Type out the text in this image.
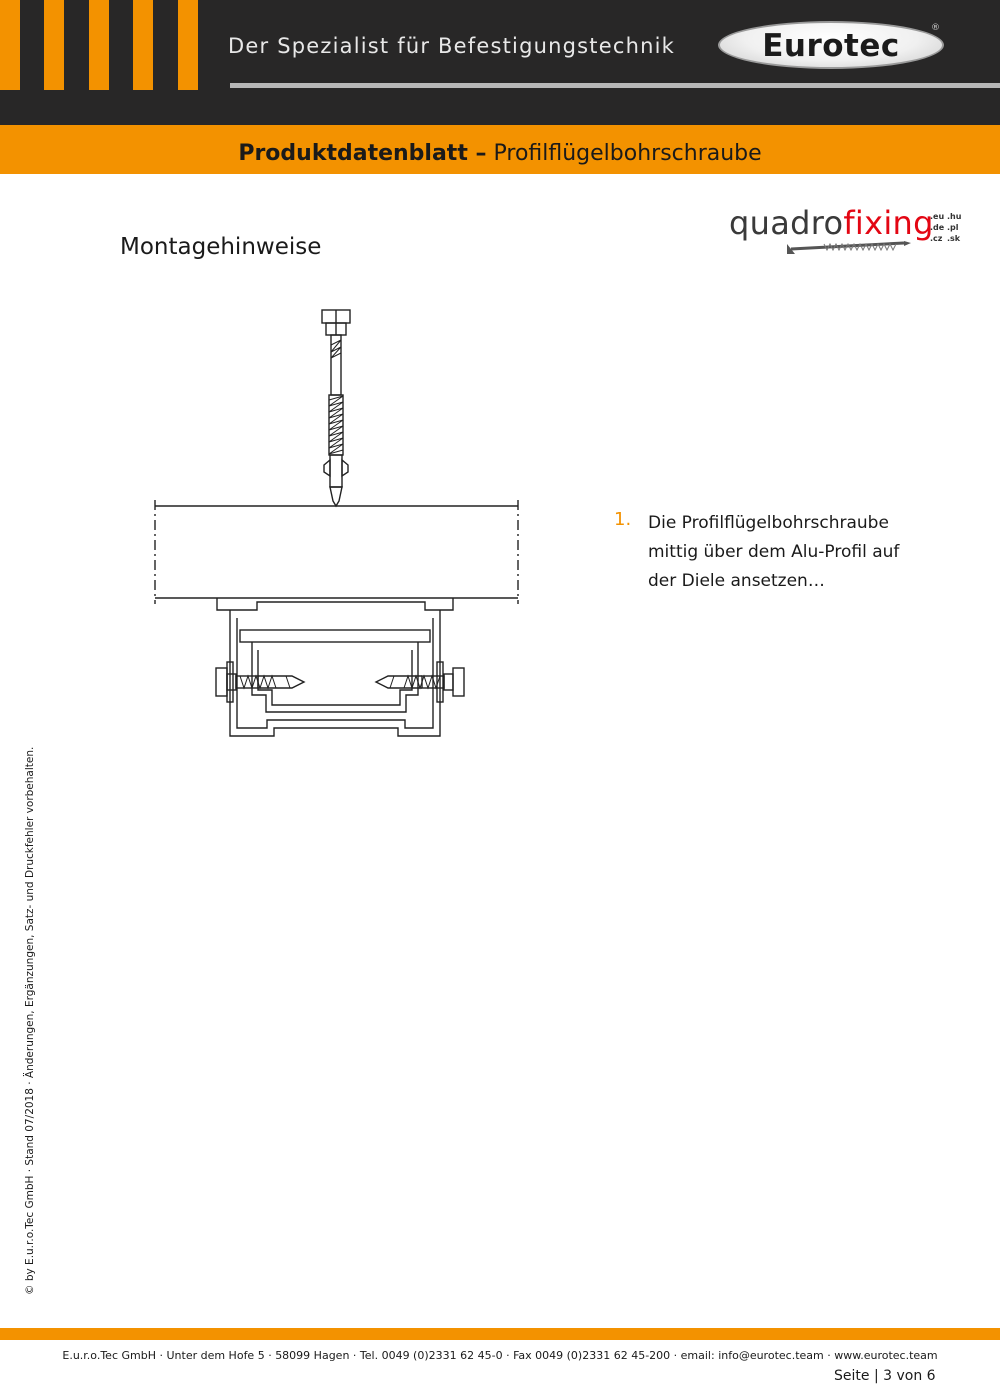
Der Spezialist für Befestigungstechnik	Eurotec	®
Produktdatenblatt – Profilflügelbohrschraube
Montagehinweise
quadrofixing
.eu .hu
.de .pl
.cz .sk
1. Die Profilflügelbohrschraube mittig über dem Alu-Profil auf der Diele ansetzen…
© by E.u.r.o.Tec GmbH · Stand 07/2018 · Änderungen, Ergänzungen, Satz- und Druckfehler vorbehalten.
E.u.r.o.Tec GmbH · Unter dem Hofe 5 · 58099 Hagen · Tel. 0049 (0)2331 62 45-0 · Fax 0049 (0)2331 62 45-200 · email: info@eurotec.team · www.eurotec.team
Seite | 3 von 6
